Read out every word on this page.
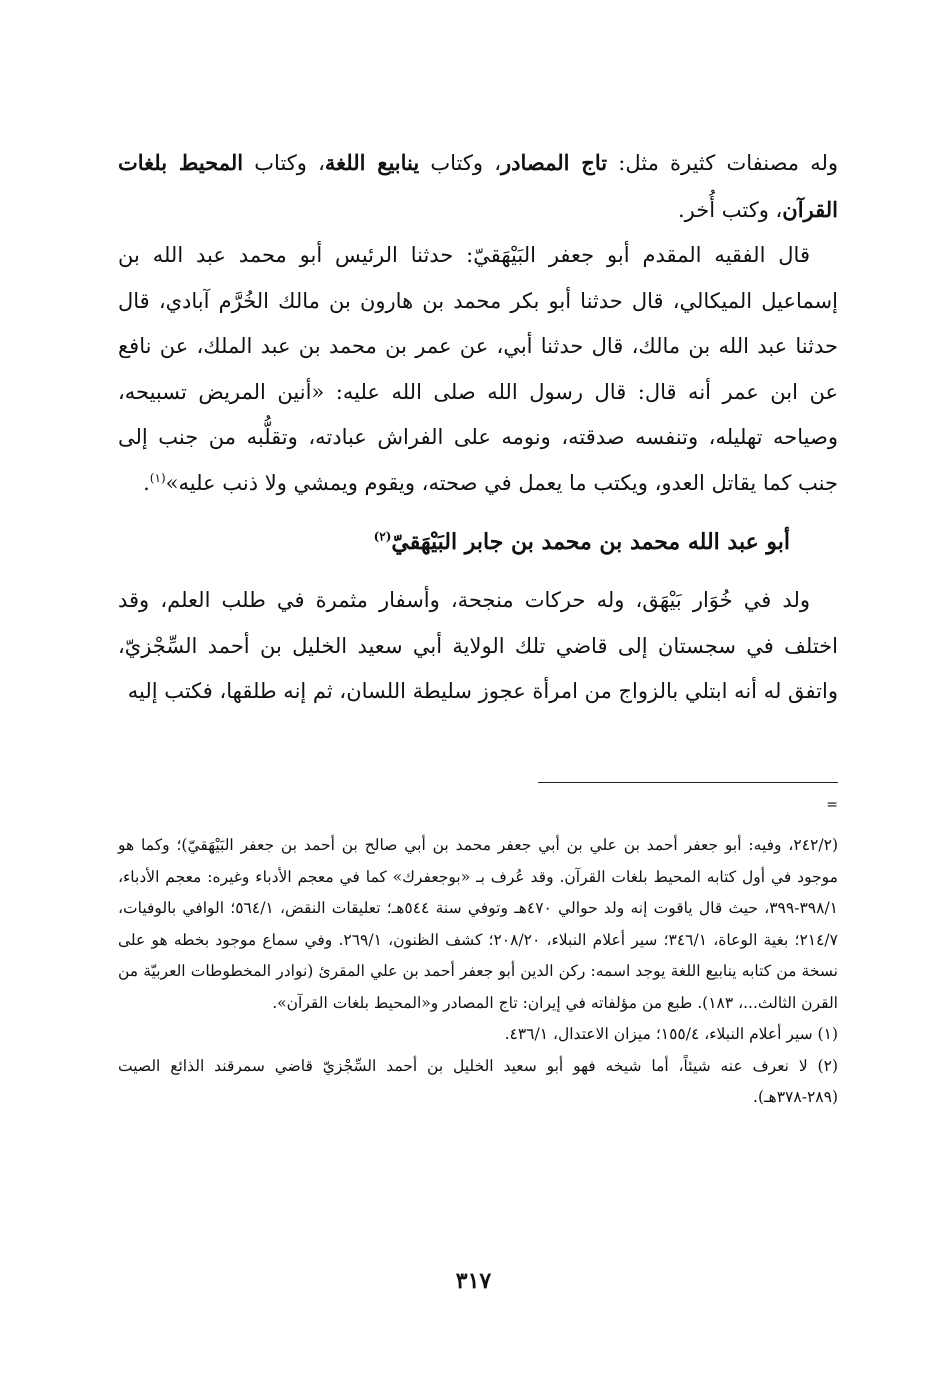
وله مصنفات كثيرة مثل: تاج المصادر، وكتاب ينابيع اللغة، وكتاب المحيط بلغات القرآن، وكتب أُخر.

قال الفقيه المقدم أبو جعفر البَيْهَقيّ: حدثنا الرئيس أبو محمد عبد الله بن إسماعيل الميكالي، قال حدثنا أبو بكر محمد بن هارون بن مالك الخُرَّم آبادي، قال حدثنا عبد الله بن مالك، قال حدثنا أبي، عن عمر بن محمد بن عبد الملك، عن نافع عن ابن عمر أنه قال: قال رسول الله صلى الله عليه: «أنين المريض تسبيحه، وصياحه تهليله، وتنفسه صدقته، ونومه على الفراش عبادته، وتقلُّبه من جنب إلى جنب كما يقاتل العدو، ويكتب ما يعمل في صحته، ويقوم ويمشي ولا ذنب عليه»$^{(١)}$.

أبو عبد الله محمد بن محمد بن جابر البَيْهَقيّ$^{(٢)}$

ولد في خُوَار بَيْهَق، وله حركات منجحة، وأسفار مثمرة في طلب العلم، وقد اختلف في سجستان إلى قاضي تلك الولاية أبي سعيد الخليل بن أحمد السِّجْزيّ، واتفق له أنه ابتلي بالزواج من امرأة عجوز سليطة اللسان، ثم إنه طلقها، فكتب إليه

=

(٢٤٢/٢، وفيه: أبو جعفر أحمد بن علي بن أبي جعفر محمد بن أبي صالح بن أحمد بن جعفر البَيْهَقيّ)؛ وكما هو موجود في أول كتابه المحيط بلغات القرآن. وقد عُرف بـ «بوجعفرك» كما في معجم الأدباء وغيره: معجم الأدباء، ٣٩٨/١-٣٩٩، حيث قال ياقوت إنه ولد حوالي ٤٧٠هـ وتوفي سنة ٥٤٤هـ؛ تعليقات النقض، ٥٦٤/١؛ الوافي بالوفيات، ٢١٤/٧؛ بغية الوعاة، ٣٤٦/١؛ سير أعلام النبلاء، ٢٠٨/٢٠؛ كشف الظنون، ٢٦٩/١. وفي سماع موجود بخطه هو على نسخة من كتابه ينابيع اللغة يوجد اسمه: ركن الدين أبو جعفر أحمد بن علي المقرئ (نوادر المخطوطات العربيّة من القرن الثالث...، ١٨٣). طبع من مؤلفاته في إيران: تاج المصادر و«المحيط بلغات القرآن».

(١) سير أعلام النبلاء، ١٥٥/٤؛ ميزان الاعتدال، ٤٣٦/١.

(٢) لا نعرف عنه شيئاً، أما شيخه فهو أبو سعيد الخليل بن أحمد السِّجْزيّ قاضي سمرقند الذائع الصيت (٢٨٩-٣٧٨هـ).

٣١٧
